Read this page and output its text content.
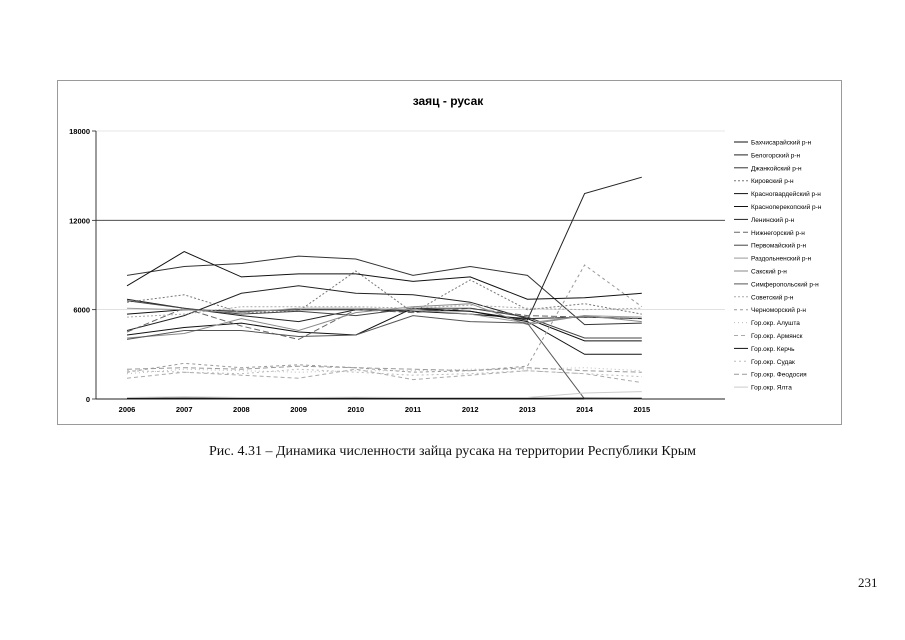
заяц - русак
0
6000
12000
18000
2006	2007	2008	2009	2010	2011	2012	2013	2014	2015
Бахчисарайский р-н
Белогорский р-н
Джанкойский р-н
Кировский р-н
Красногвардейский р-н
Красноперекопский р-н
Ленинский р-н
Нижнегорский р-н
Первомайский р-н
Раздольненский р-н
Сакский р-н
Симферопольский р-н
Советский р-н
Черноморский р-н
Гор.окр. Алушта
Гор.окр. Армянск
Гор.окр. Керчь
Гор.окр. Судак
Гор.окр. Феодосия
Гор.окр. Ялта
Рис. 4.31 – Динамика численности зайца русака на территории Республики Крым
231
